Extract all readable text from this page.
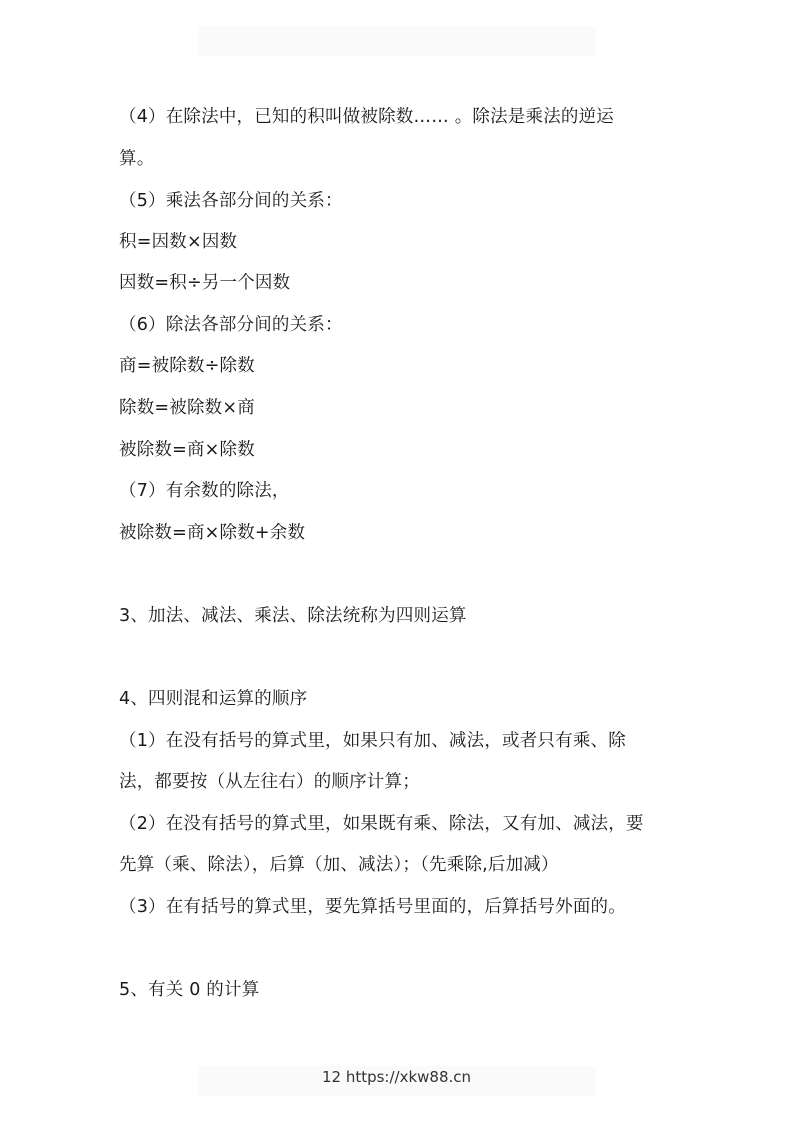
（4）在除法中，已知的积叫做被除数…… 。除法是乘法的逆运
算。
（5）乘法各部分间的关系：
积=因数×因数
因数=积÷另一个因数
（6）除法各部分间的关系：
商=被除数÷除数
除数=被除数×商
被除数=商×除数
（7）有余数的除法，
被除数=商×除数+余数
3、加法、减法、乘法、除法统称为四则运算
4、四则混和运算的顺序
（1）在没有括号的算式里，如果只有加、减法，或者只有乘、除
法，都要按（从左往右）的顺序计算；
（2）在没有括号的算式里，如果既有乘、除法，又有加、减法，要
先算（乘、除法），后算（加、减法）；（先乘除,后加减）
（3）在有括号的算式里，要先算括号里面的，后算括号外面的。
5、有关 0 的计算
12 https://xkw88.cn
